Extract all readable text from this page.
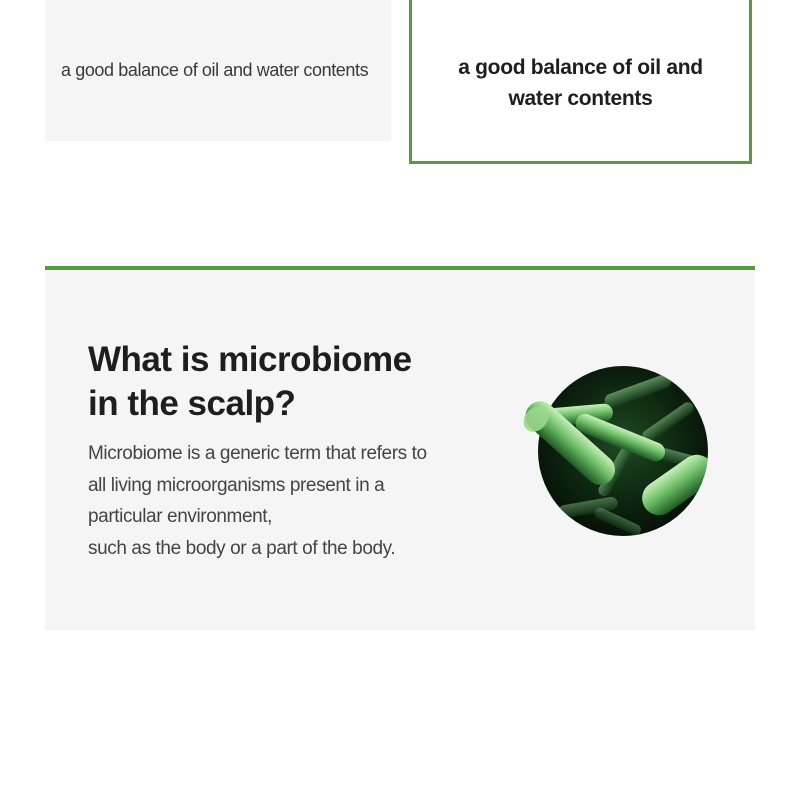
a good balance of oil and water contents	a good balance of oil and
water contents
What is microbiome
in the scalp?
Microbiome is a generic term that refers to
all living microorganisms present in a
particular environment,
such as the body or a part of the body.
